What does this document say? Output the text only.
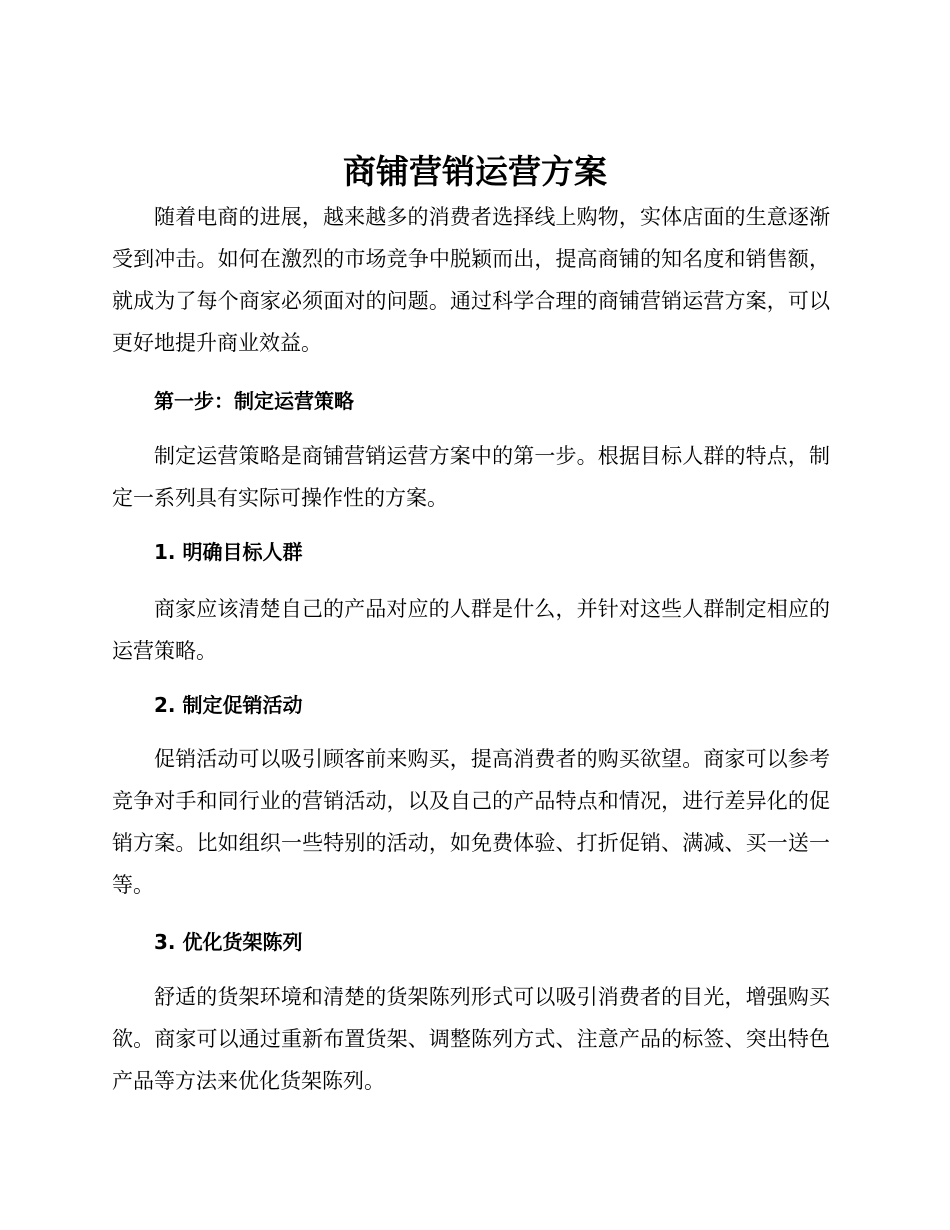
商铺营销运营方案

随着电商的进展，越来越多的消费者选择线上购物，实体店面的生意逐渐受到冲击。如何在激烈的市场竞争中脱颖而出，提高商铺的知名度和销售额，就成为了每个商家必须面对的问题。通过科学合理的商铺营销运营方案，可以更好地提升商业效益。

第一步：制定运营策略

制定运营策略是商铺营销运营方案中的第一步。根据目标人群的特点，制定一系列具有实际可操作性的方案。

1. 明确目标人群

商家应该清楚自己的产品对应的人群是什么，并针对这些人群制定相应的运营策略。

2. 制定促销活动

促销活动可以吸引顾客前来购买，提高消费者的购买欲望。商家可以参考竞争对手和同行业的营销活动，以及自己的产品特点和情况，进行差异化的促销方案。比如组织一些特别的活动，如免费体验、打折促销、满减、买一送一等。

3. 优化货架陈列

舒适的货架环境和清楚的货架陈列形式可以吸引消费者的目光，增强购买欲。商家可以通过重新布置货架、调整陈列方式、注意产品的标签、突出特色产品等方法来优化货架陈列。
